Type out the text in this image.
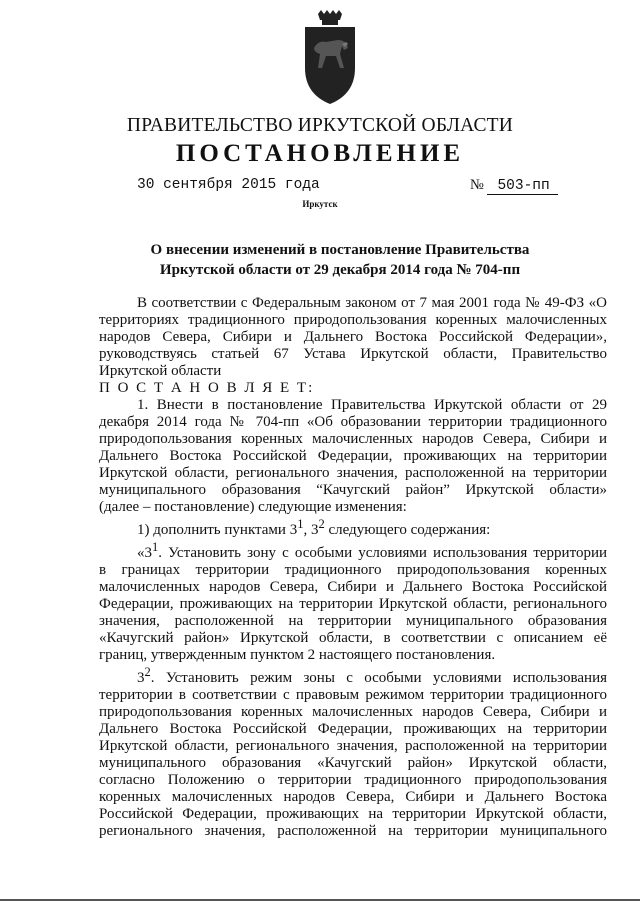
ПРАВИТЕЛЬСТВО ИРКУТСКОЙ ОБЛАСТИ
ПОСТАНОВЛЕНИЕ
30 сентября 2015 года	№ 503-пп
Иркутск
О внесении изменений в постановление Правительства
Иркутской области от 29 декабря 2014 года № 704-пп

В соответствии с Федеральным законом от 7 мая 2001 года № 49-ФЗ «О

территориях традиционного природопользования коренных малочисленных

народов Севера, Сибири и Дальнего Востока Российской Федерации»,

руководствуясь статьей 67 Устава Иркутской области, Правительство

Иркутской области

П О С Т А Н О В Л Я Е Т:

1. Внести в постановление Правительства Иркутской области от 29

декабря 2014 года № 704-пп «Об образовании территории традиционного

природопользования коренных малочисленных народов Севера, Сибири и

Дальнего Востока Российской Федерации, проживающих на территории

Иркутской области, регионального значения, расположенной на территории

муниципального образования “Качугский район” Иркутской области»

(далее – постановление) следующие изменения:

1) дополнить пунктами $3^1$, $3^2$ следующего содержания:

«$3^1$. Установить зону с особыми условиями использования территории

в границах территории традиционного природопользования коренных

малочисленных народов Севера, Сибири и Дальнего Востока Российской

Федерации, проживающих на территории Иркутской области, регионального

значения, расположенной на территории муниципального образования

«Качугский район» Иркутской области, в соответствии с описанием её

границ, утвержденным пунктом 2 настоящего постановления.

$3^2$. Установить режим зоны с особыми условиями использования

территории в соответствии с правовым режимом территории традиционного

природопользования коренных малочисленных народов Севера, Сибири и

Дальнего Востока Российской Федерации, проживающих на территории

Иркутской области, регионального значения, расположенной на территории

муниципального образования «Качугский район» Иркутской области,

согласно Положению о территории традиционного природопользования

коренных малочисленных народов Севера, Сибири и Дальнего Востока

Российской Федерации, проживающих на территории Иркутской области,

регионального значения, расположенной на территории муниципального
